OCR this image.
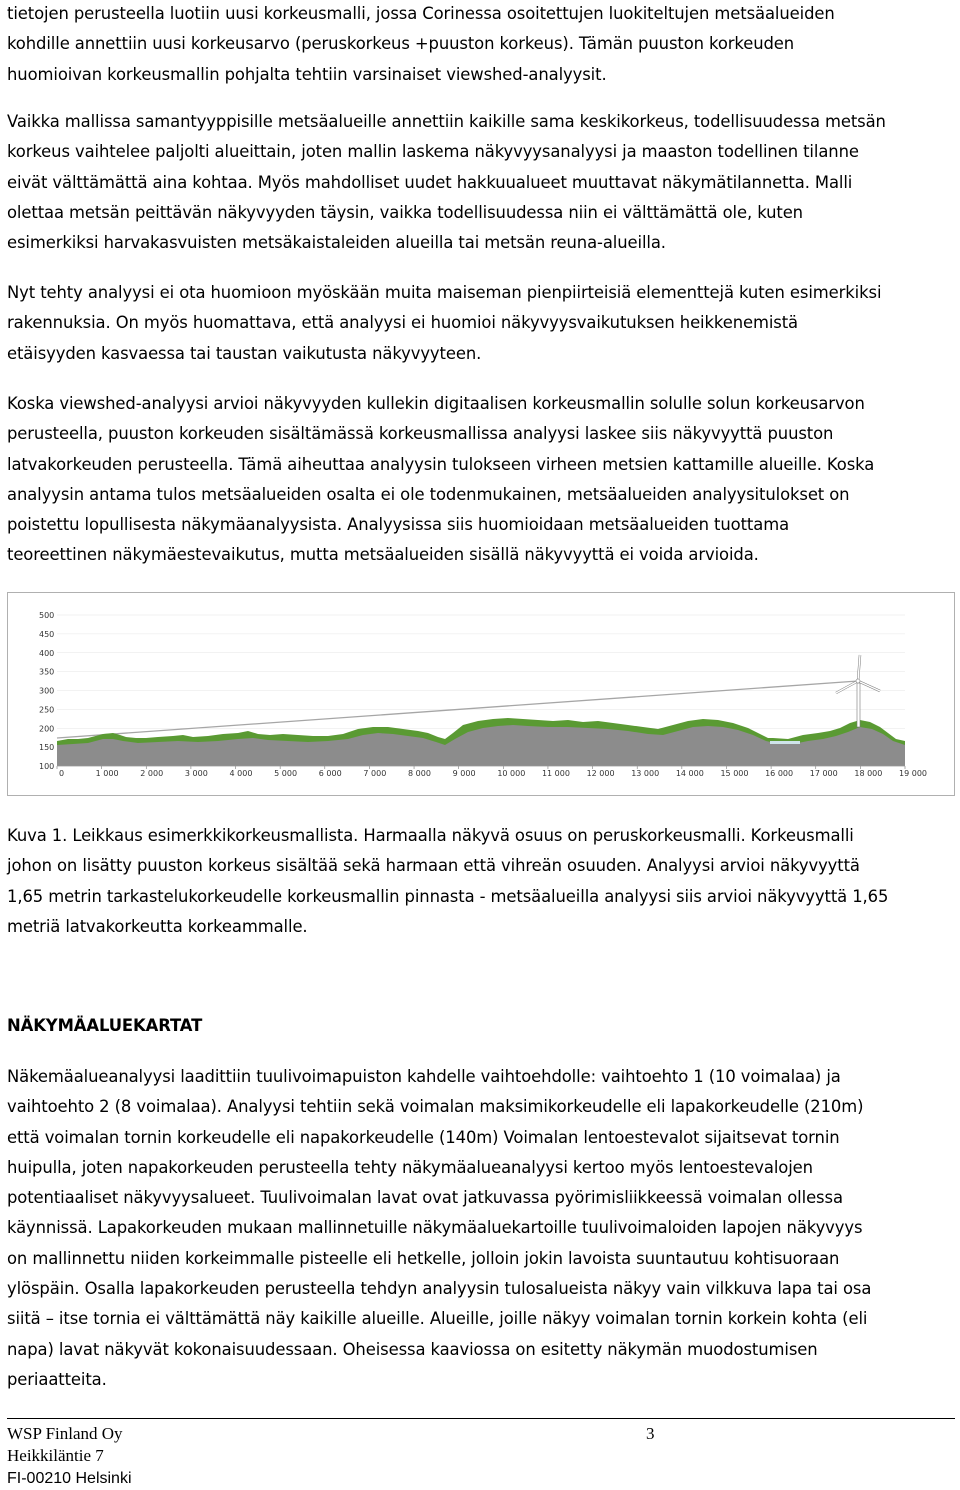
tietojen perusteella luotiin uusi korkeusmalli, jossa Corinessa osoitettujen luokiteltujen metsäalueiden
kohdille annettiin uusi korkeusarvo (peruskorkeus +puuston korkeus). Tämän puuston korkeuden
huomioivan korkeusmallin pohjalta tehtiin varsinaiset viewshed-analyysit.
Vaikka mallissa samantyyppisille metsäalueille annettiin kaikille sama keskikorkeus, todellisuudessa metsän
korkeus vaihtelee paljolti alueittain, joten mallin laskema näkyvyysanalyysi ja maaston todellinen tilanne
eivät välttämättä aina kohtaa. Myös mahdolliset uudet hakkuualueet muuttavat näkymätilannetta. Malli
olettaa metsän peittävän näkyvyyden täysin, vaikka todellisuudessa niin ei välttämättä ole, kuten
esimerkiksi harvakasvuisten metsäkaistaleiden alueilla tai metsän reuna-alueilla.
Nyt tehty analyysi ei ota huomioon myöskään muita maiseman pienpiirteisiä elementtejä kuten esimerkiksi
rakennuksia. On myös huomattava, että analyysi ei huomioi näkyvyysvaikutuksen heikkenemistä
etäisyyden kasvaessa tai taustan vaikutusta näkyvyyteen.
Koska viewshed-analyysi arvioi näkyvyyden kullekin digitaalisen korkeusmallin solulle solun korkeusarvon
perusteella, puuston korkeuden sisältämässä korkeusmallissa analyysi laskee siis näkyvyyttä puuston
latvakorkeuden perusteella. Tämä aiheuttaa analyysin tulokseen virheen metsien kattamille alueille. Koska
analyysin antama tulos metsäalueiden osalta ei ole todenmukainen, metsäalueiden analyysitulokset on
poistettu lopullisesta näkymäanalyysista. Analyysissa siis huomioidaan metsäalueiden tuottama
teoreettinen näkymäestevaikutus, mutta metsäalueiden sisällä näkyvyyttä ei voida arvioida.
500
450
400
350
300
250
200
150
100
0	1 000	2 000	3 000	4 000	5 000	6 000	7 000	8 000	9 000	10 000 11 000 12 000 13 000 14 000 15 000 16 000 17 000 18 000 19 000
Kuva 1. Leikkaus esimerkkikorkeusmallista. Harmaalla näkyvä osuus on peruskorkeusmalli. Korkeusmalli
johon on lisätty puuston korkeus sisältää sekä harmaan että vihreän osuuden. Analyysi arvioi näkyvyyttä
1,65 metrin tarkastelukorkeudelle korkeusmallin pinnasta - metsäalueilla analyysi siis arvioi näkyvyyttä 1,65
metriä latvakorkeutta korkeammalle.
NÄKYMÄALUEKARTAT
Näkemäalueanalyysi laadittiin tuulivoimapuiston kahdelle vaihtoehdolle: vaihtoehto 1 (10 voimalaa) ja
vaihtoehto 2 (8 voimalaa). Analyysi tehtiin sekä voimalan maksimikorkeudelle eli lapakorkeudelle (210m)
että voimalan tornin korkeudelle eli napakorkeudelle (140m) Voimalan lentoestevalot sijaitsevat tornin
huipulla, joten napakorkeuden perusteella tehty näkymäalueanalyysi kertoo myös lentoestevalojen
potentiaaliset näkyvyysalueet. Tuulivoimalan lavat ovat jatkuvassa pyörimisliikkeessä voimalan ollessa
käynnissä. Lapakorkeuden mukaan mallinnetuille näkymäaluekartoille tuulivoimaloiden lapojen näkyvyys
on mallinnettu niiden korkeimmalle pisteelle eli hetkelle, jolloin jokin lavoista suuntautuu kohtisuoraan
ylöspäin. Osalla lapakorkeuden perusteella tehdyn analyysin tulosalueista näkyy vain vilkkuva lapa tai osa
siitä – itse tornia ei välttämättä näy kaikille alueille. Alueille, joille näkyy voimalan tornin korkein kohta (eli
napa) lavat näkyvät kokonaisuudessaan. Oheisessa kaaviossa on esitetty näkymän muodostumisen
periaatteita.
WSP Finland Oy	3
Heikkiläntie 7
FI-00210 Helsinki
